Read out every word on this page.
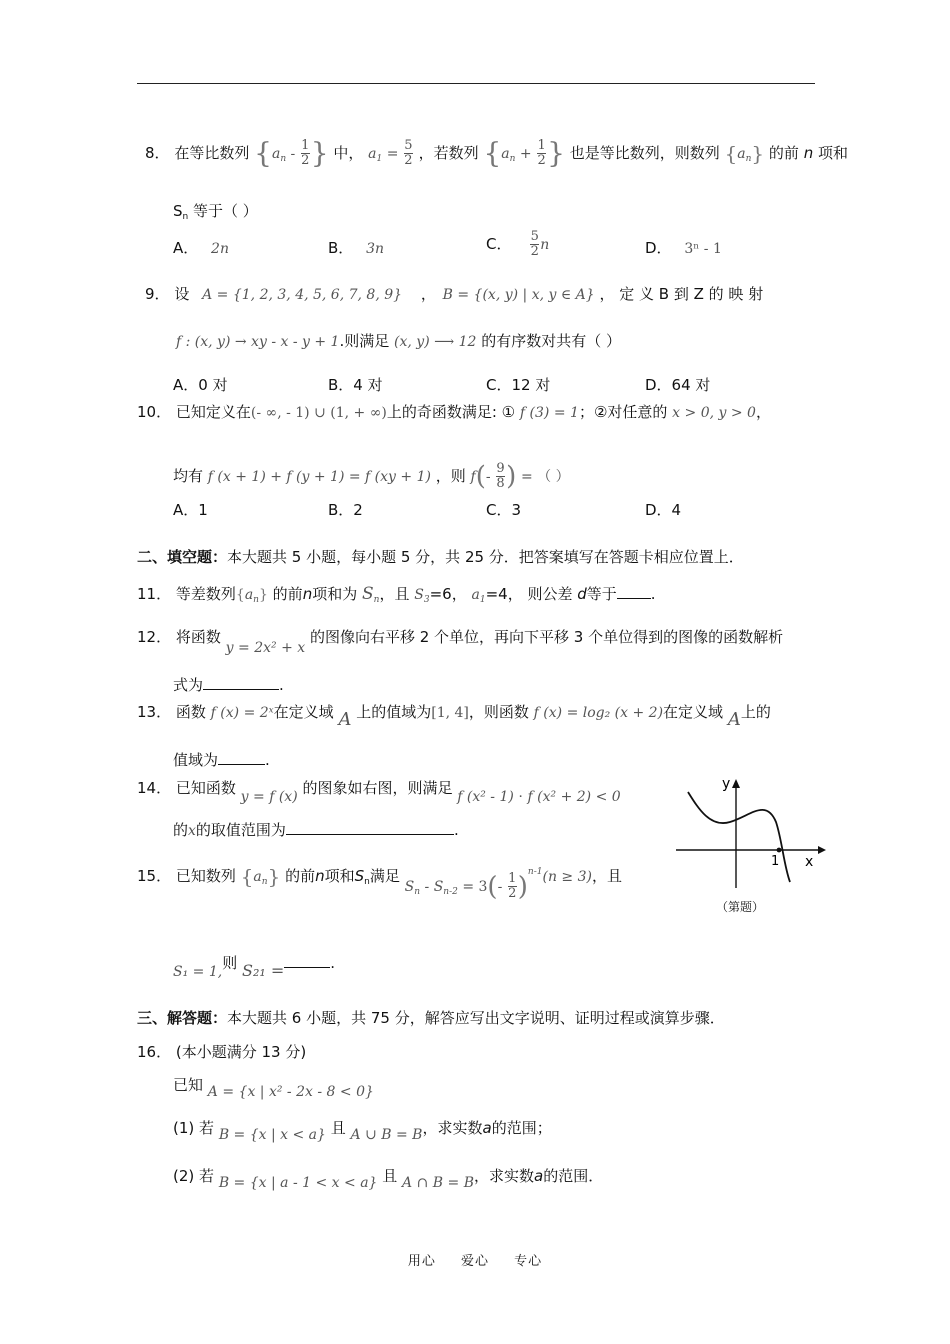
8． 在等比数列 {$a_n - \frac{1}{2}$ } 中， $a_1 = \frac{5}{2}$ ，若数列 {$a_n + \frac{1}{2}$ } 也是等比数列，则数列 $\{a_n\}$ 的前 n 项和
$S_n$ 等于（ ）
A． 2n	B． 3n	C． $\frac{5}{2}$ n	D． 3ⁿ - 1
9． 设 A = {1, 2, 3, 4, 5, 6, 7, 8, 9} ， B = {(x, y) | x, y ∈ A} ， 定 义 B 到 Z 的 映 射
f : (x, y) → xy - x - y + 1.则满足 (x, y) ⟶ 12 的有序数对共有（ ）
A．0 对	B．4 对	C．12 对	D．64 对
10． 已知定义在(- ∞, - 1) ∪ (1, + ∞)上的奇函数满足: ① f (3) = 1；②对任意的 x > 0, y > 0，
均有 f (x + 1) + f (y + 1) = f (xy + 1) ，则 $f(- \frac{9}{8}$ ) = （ ）
A．1	B．2	C．3	D．4
二、填空题：本大题共 5 小题，每小题 5 分，共 25 分．把答案填写在答题卡相应位置上．
11． 等差数列$\{a_n\}$ 的前n项和为 $S_n$，且 $S_3=6$， $a_1=4$， 则公差 d等于 .
12． 将函数 y = 2x² + x 的图像向右平移 2 个单位，再向下平移 3 个单位得到的图像的函数解析
式为	.
13． 函数 f (x) = 2ˣ在定义域 A 上的值域为[1, 4]，则函数 f (x) = log₂ (x + 2)在定义域 A上的
值域为	.
14． 已知函数 y = f (x) 的图象如右图，则满足 f (x² - 1) ⋅ f (x² + 2) < 0
的x的取值范围为	.
y
x
1
（第题）
15． 已知数列 $\{a_n\}$ 的前n项和$S_n$满足 $S_n - S_{n-2} = 3(- \frac{1}{2} )^{n-1}(n \ge 3)$，且
S₁ = 1,则 S₂₁ =	.
三、解答题：本大题共 6 小题，共 75 分，解答应写出文字说明、证明过程或演算步骤．
16． (本小题满分 13 分)
已知 A = {x | x² - 2x - 8 < 0}
(1) 若 B = {x | x < a} 且 A ∪ B = B，求实数a的范围；
(2) 若 B = {x | a - 1 < x < a} 且 A ∩ B = B，求实数a的范围．
用心 爱心 专心
